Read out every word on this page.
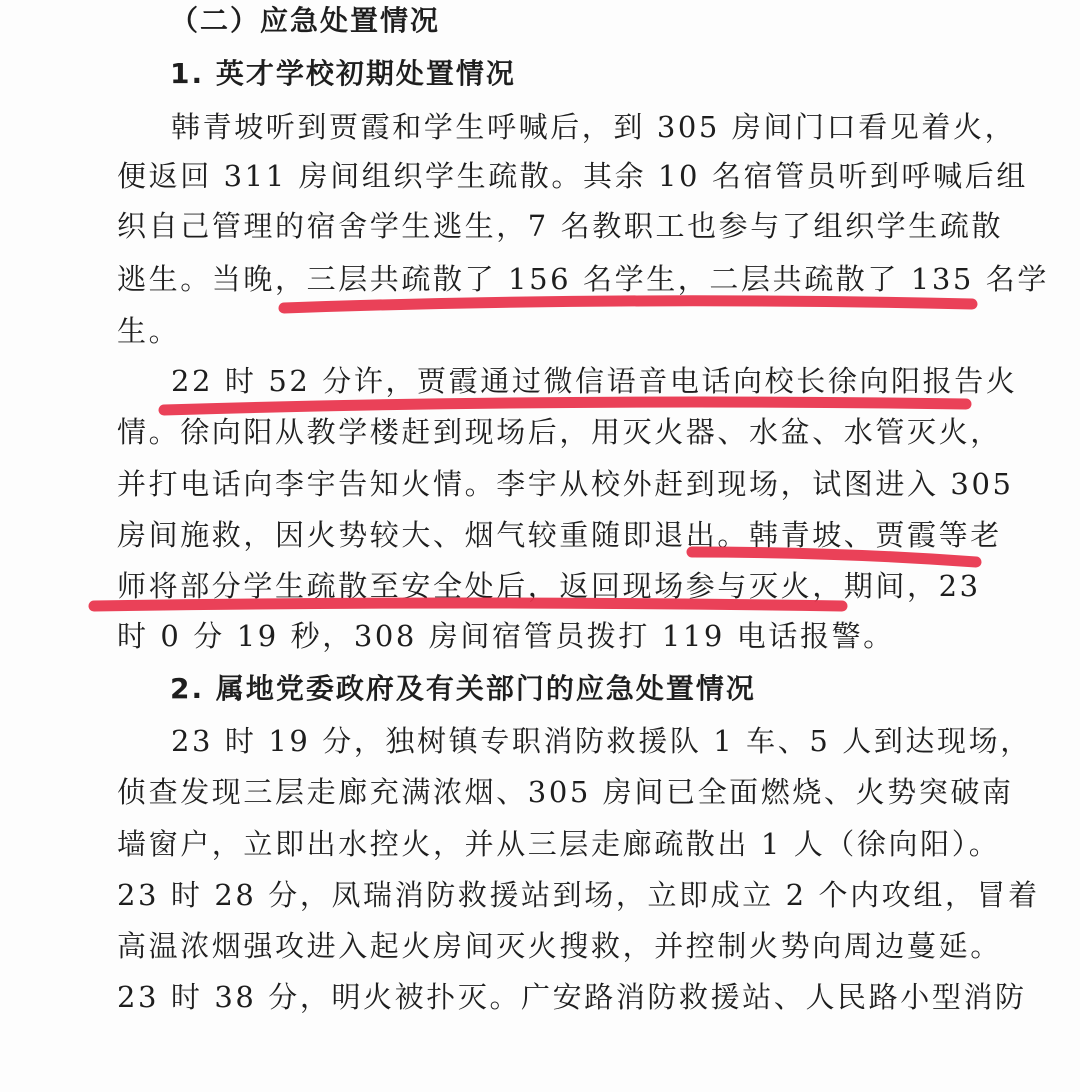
（二）应急处置情况
1. 英才学校初期处置情况
韩青坡听到贾霞和学生呼喊后，到 305 房间门口看见着火，
便返回 311 房间组织学生疏散。其余 10 名宿管员听到呼喊后组
织自己管理的宿舍学生逃生，7 名教职工也参与了组织学生疏散
逃生。当晚，三层共疏散了 156 名学生，二层共疏散了 135 名学
生。
22 时 52 分许，贾霞通过微信语音电话向校长徐向阳报告火
情。徐向阳从教学楼赶到现场后，用灭火器、水盆、水管灭火，
并打电话向李宇告知火情。李宇从校外赶到现场，试图进入 305
房间施救，因火势较大、烟气较重随即退出。韩青坡、贾霞等老
师将部分学生疏散至安全处后，返回现场参与灭火，期间，23
时 0 分 19 秒，308 房间宿管员拨打 119 电话报警。
2. 属地党委政府及有关部门的应急处置情况
23 时 19 分，独树镇专职消防救援队 1 车、5 人到达现场，
侦查发现三层走廊充满浓烟、305 房间已全面燃烧、火势突破南
墙窗户，立即出水控火，并从三层走廊疏散出 1 人（徐向阳）。
23 时 28 分，凤瑞消防救援站到场，立即成立 2 个内攻组，冒着
高温浓烟强攻进入起火房间灭火搜救，并控制火势向周边蔓延。
23 时 38 分，明火被扑灭。广安路消防救援站、人民路小型消防
